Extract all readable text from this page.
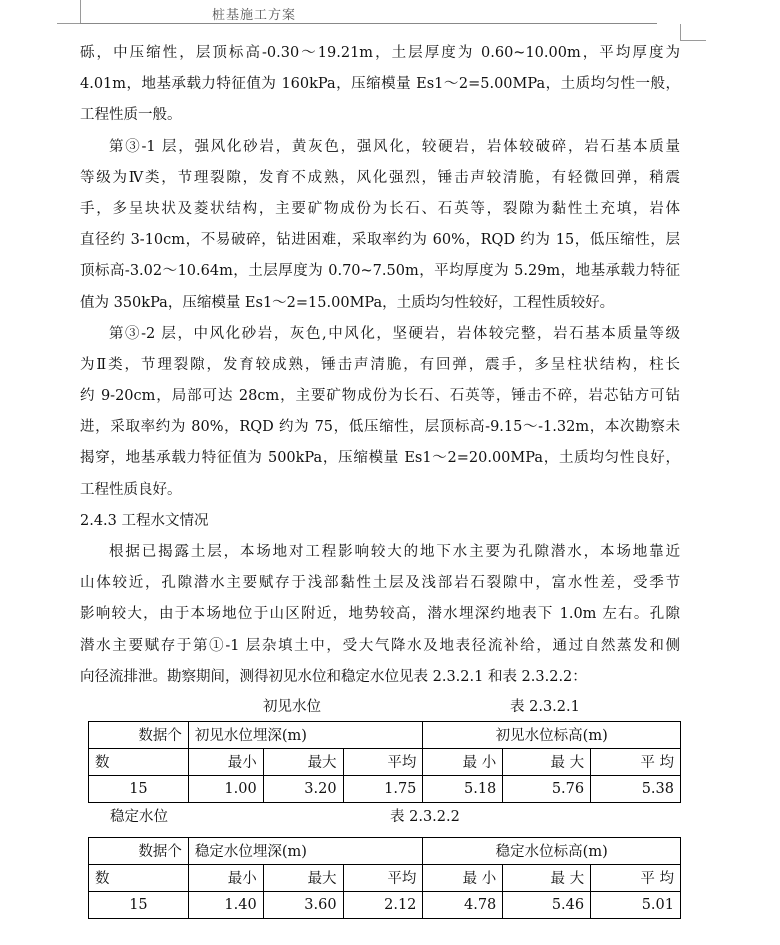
桩基施工方案
砾，中压缩性，层顶标高-0.30～19.21m，土层厚度为 0.60~10.00m，平均厚度为
4.01m，地基承载力特征值为 160kPa，压缩模量 Es1～2=5.00MPa，土质均匀性一般，
工程性质一般。
第③-1 层，强风化砂岩，黄灰色，强风化，较硬岩，岩体较破碎，岩石基本质量
等级为Ⅳ类，节理裂隙，发育不成熟，风化强烈，锤击声较清脆，有轻微回弹，稍震
手，多呈块状及菱状结构，主要矿物成份为长石、石英等，裂隙为黏性土充填，岩体
直径约 3-10cm，不易破碎，钻进困难，采取率约为 60%，RQD 约为 15，低压缩性，层
顶标高-3.02～10.64m，土层厚度为 0.70~7.50m，平均厚度为 5.29m，地基承载力特征
值为 350kPa，压缩模量 Es1～2=15.00MPa，土质均匀性较好，工程性质较好。
第③-2 层，中风化砂岩，灰色,中风化，坚硬岩，岩体较完整，岩石基本质量等级
为Ⅱ类，节理裂隙，发育较成熟，锤击声清脆，有回弹，震手，多呈柱状结构，柱长
约 9-20cm，局部可达 28cm，主要矿物成份为长石、石英等，锤击不碎，岩芯钻方可钻
进，采取率约为 80%，RQD 约为 75，低压缩性，层顶标高-9.15～-1.32m，本次勘察未
揭穿，地基承载力特征值为 500kPa，压缩模量 Es1～2=20.00MPa，土质均匀性良好，
工程性质良好。
2.4.3 工程水文情况
根据已揭露土层，本场地对工程影响较大的地下水主要为孔隙潜水，本场地靠近
山体较近，孔隙潜水主要赋存于浅部黏性土层及浅部岩石裂隙中，富水性差，受季节
影响较大，由于本场地位于山区附近，地势较高，潜水埋深约地表下 1.0m 左右。孔隙
潜水主要赋存于第①-1 层杂填土中，受大气降水及地表径流补给，通过自然蒸发和侧
向径流排泄。勘察期间，测得初见水位和稳定水位见表 2.3.2.1 和表 2.3.2.2：
初见水位	表 2.3.2.1
数据个	初见水位埋深(m)			初见水位标高(m)		
数	最小	最大	平均	最 小	最 大	平 均
15	1.00	3.20	1.75	5.18	5.76	5.38
稳定水位	表 2.3.2.2
数据个	稳定水位埋深(m)			稳定水位标高(m)		
数	最小	最大	平均	最 小	最 大	平 均
15	1.40	3.60	2.12	4.78	5.46	5.01
